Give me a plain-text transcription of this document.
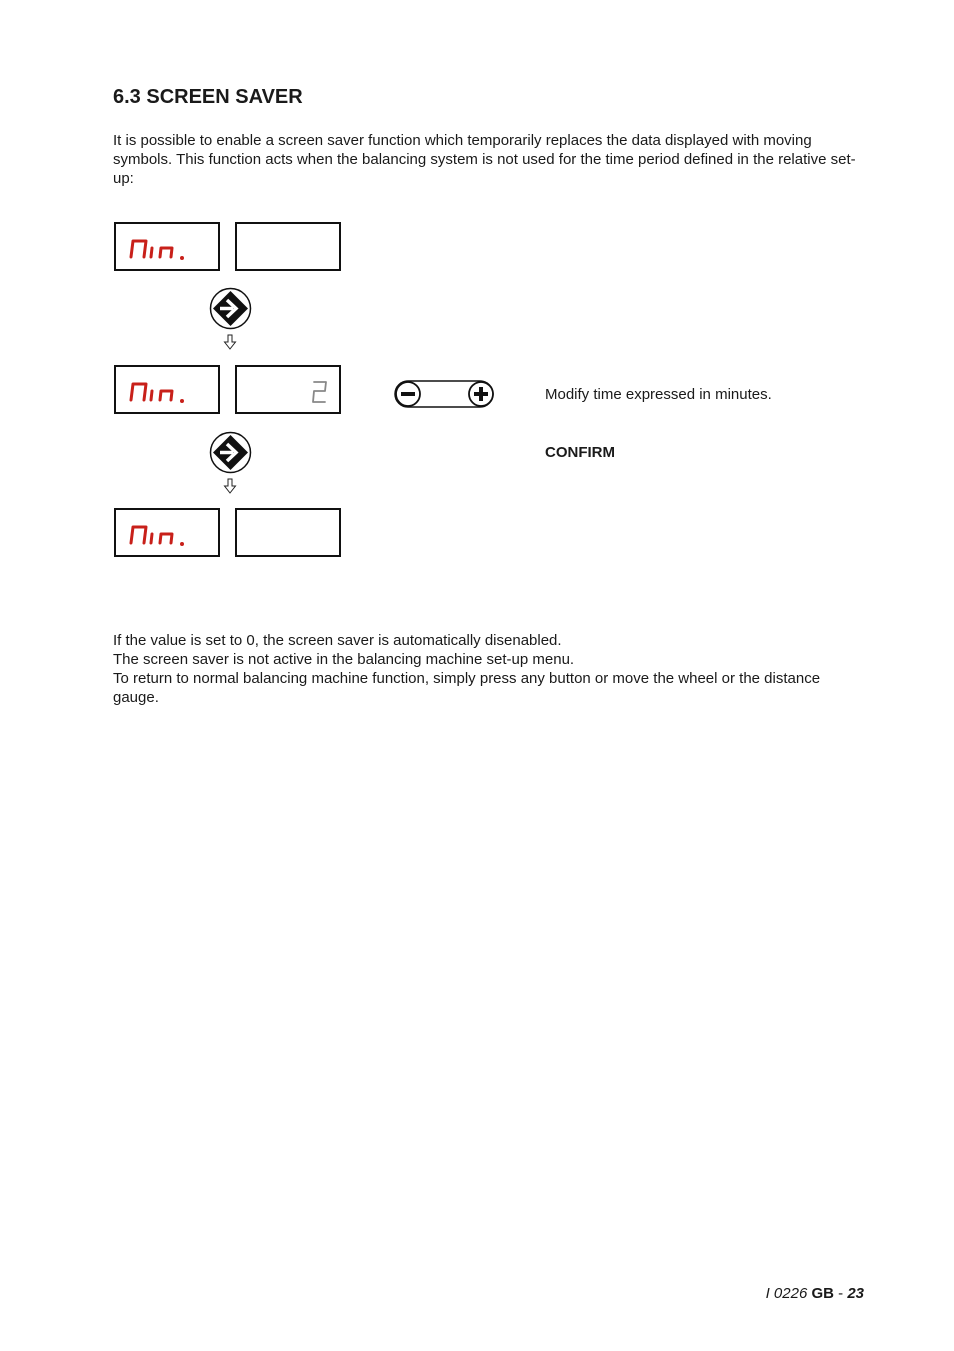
6.3 SCREEN SAVER
It is possible to enable a screen saver function which temporarily replaces the data displayed with moving symbols. This function acts when the balancing system is not used for the time period defined in the relative set-up:
Modify time expressed in minutes.
CONFIRM

If the value is set to 0, the screen saver is automatically disenabled.

The screen saver is not active in the balancing machine set-up menu.

To return to normal balancing machine function, simply press any button or move the wheel or the distance gauge.

I 0226 GB - 23
